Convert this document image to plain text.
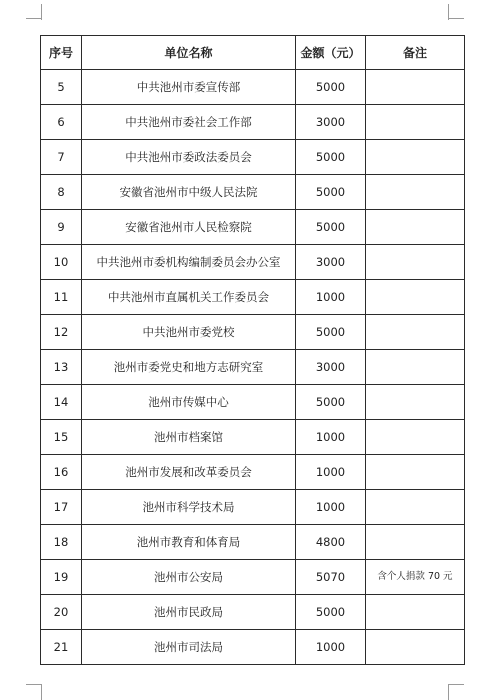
序号	单位名称	金额（元）	备注
5	中共池州市委宣传部	5000	
6	中共池州市委社会工作部	3000	
7	中共池州市委政法委员会	5000	
8	安徽省池州市中级人民法院	5000	
9	安徽省池州市人民检察院	5000	
10	中共池州市委机构编制委员会办公室	3000	
11	中共池州市直属机关工作委员会	1000	
12	中共池州市委党校	5000	
13	池州市委党史和地方志研究室	3000	
14	池州市传媒中心	5000	
15	池州市档案馆	1000	
16	池州市发展和改革委员会	1000	
17	池州市科学技术局	1000	
18	池州市教育和体育局	4800	
19	池州市公安局	5070	含个人捐款 70 元
20	池州市民政局	5000	
21	池州市司法局	1000	
